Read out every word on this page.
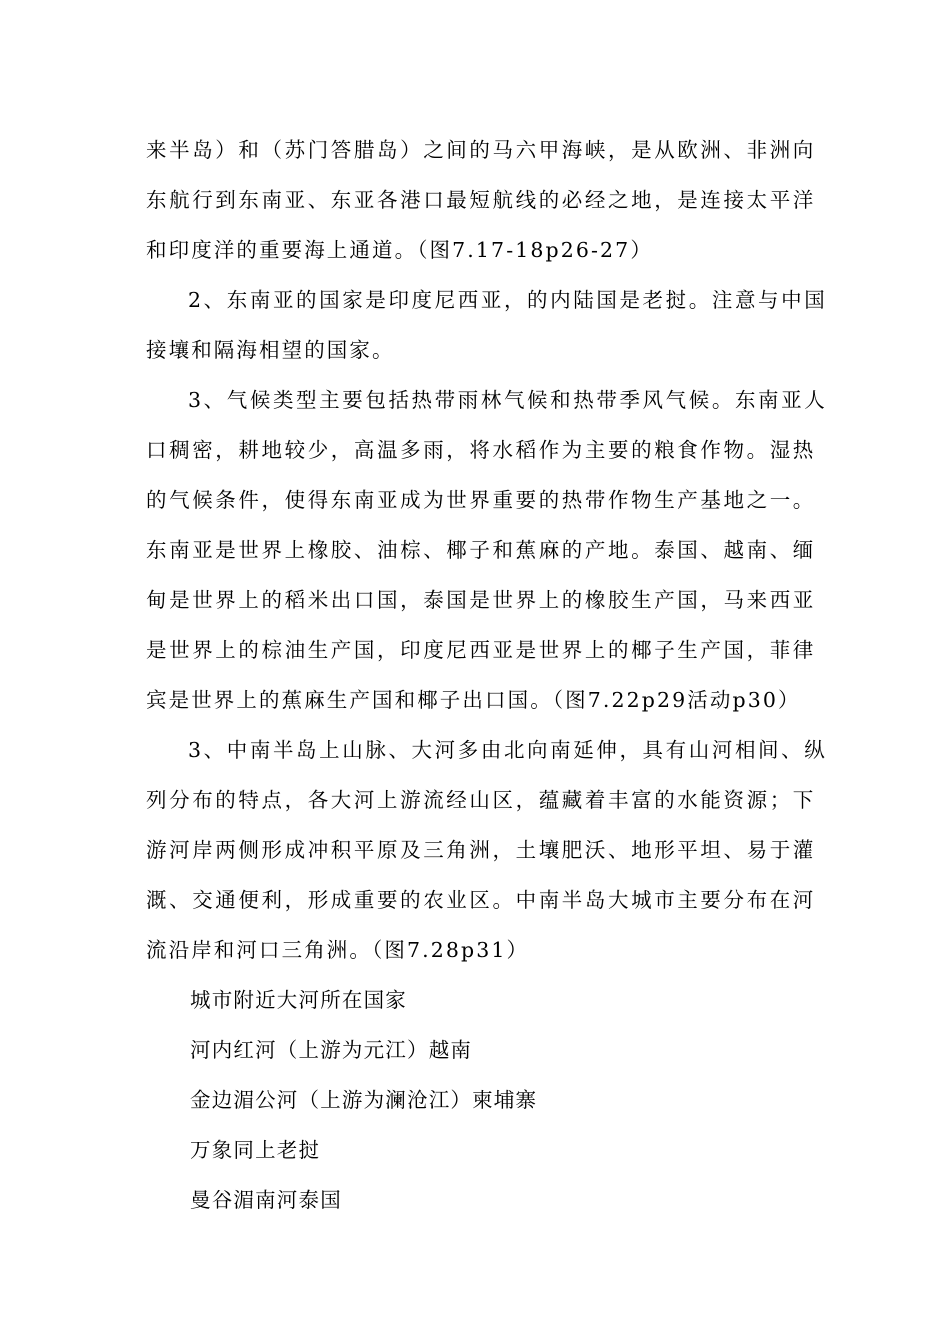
来半岛）和（苏门答腊岛）之间的马六甲海峡，是从欧洲、非洲向
东航行到东南亚、东亚各港口最短航线的必经之地，是连接太平洋
和印度洋的重要海上通道。（图7.17-18p26-27）
2、东南亚的国家是印度尼西亚，的内陆国是老挝。注意与中国
接壤和隔海相望的国家。
3、气候类型主要包括热带雨林气候和热带季风气候。东南亚人
口稠密，耕地较少，高温多雨，将水稻作为主要的粮食作物。湿热
的气候条件，使得东南亚成为世界重要的热带作物生产基地之一。
东南亚是世界上橡胶、油棕、椰子和蕉麻的产地。泰国、越南、缅
甸是世界上的稻米出口国，泰国是世界上的橡胶生产国，马来西亚
是世界上的棕油生产国，印度尼西亚是世界上的椰子生产国，菲律
宾是世界上的蕉麻生产国和椰子出口国。（图7.22p29活动p30）
3、中南半岛上山脉、大河多由北向南延伸，具有山河相间、纵
列分布的特点，各大河上游流经山区，蕴藏着丰富的水能资源；下
游河岸两侧形成冲积平原及三角洲，土壤肥沃、地形平坦、易于灌
溉、交通便利，形成重要的农业区。中南半岛大城市主要分布在河
流沿岸和河口三角洲。（图7.28p31）
城市附近大河所在国家
河内红河（上游为元江）越南
金边湄公河（上游为澜沧江）柬埔寨
万象同上老挝
曼谷湄南河泰国
